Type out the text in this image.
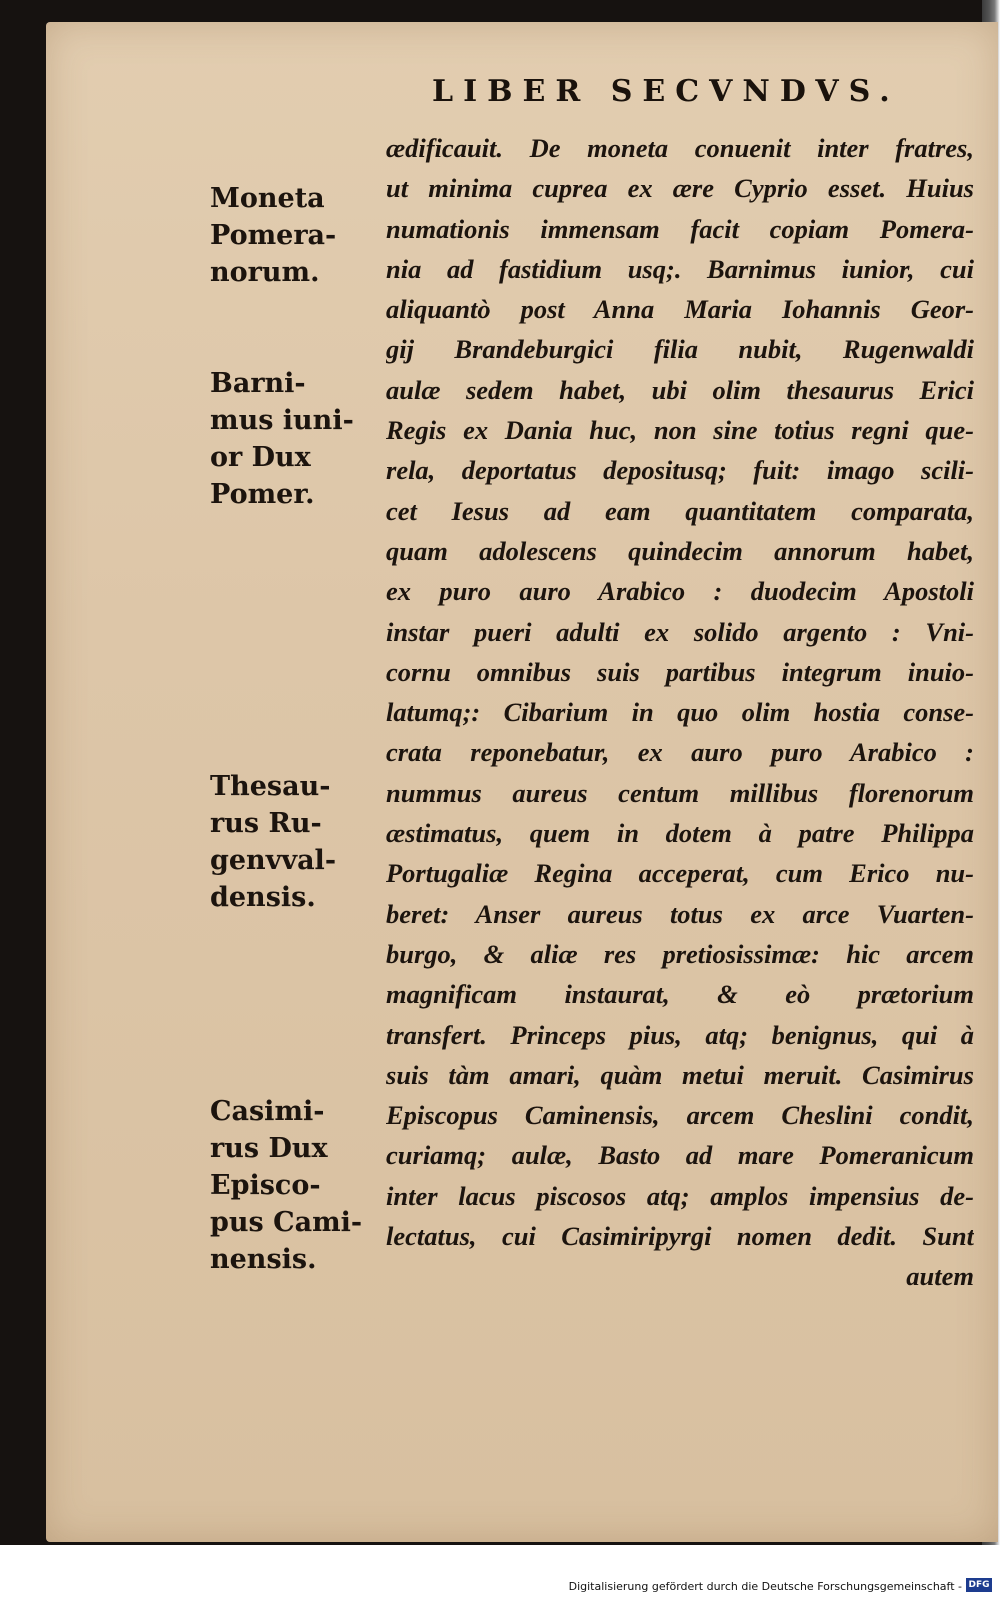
LIBER SECVNDVS.
ædificauit. De moneta conuenit inter fratres,
ut minima cuprea ex ære Cyprio esset. Huius
numationis immensam facit copiam Pomera-
nia ad fastidium usq;. Barnimus iunior, cui
aliquantò post Anna Maria Iohannis Geor-
gij Brandeburgici filia nubit, Rugenwaldi
aulæ sedem habet, ubi olim thesaurus Erici
Regis ex Dania huc, non sine totius regni que-
rela, deportatus depositusq; fuit: imago scili-
cet Iesus ad eam quantitatem comparata,
quam adolescens quindecim annorum habet,
ex puro auro Arabico : duodecim Apostoli
instar pueri adulti ex solido argento : Vni-
cornu omnibus suis partibus integrum inuio-
latumq;: Cibarium in quo olim hostia conse-
crata reponebatur, ex auro puro Arabico :
nummus aureus centum millibus florenorum
æstimatus, quem in dotem à patre Philippa
Portugaliæ Regina acceperat, cum Erico nu-
beret: Anser aureus totus ex arce Vuarten-
burgo, & aliæ res pretiosissimæ: hic arcem
magnificam instaurat, & eò prætorium
transfert. Princeps pius, atq; benignus, qui à
suis tàm amari, quàm metui meruit. Casimirus
Episcopus Caminensis, arcem Cheslini condit,
curiamq; aulæ, Basto ad mare Pomeranicum
inter lacus piscosos atq; amplos impensius de-
lectatus, cui Casimiripyrgi nomen dedit. Sunt
autem
Moneta
Pomera-
norum.
Barni-
mus iuni-
or Dux
Pomer.
Thesau-
rus Ru-
genvval-
densis.
Casimi-
rus Dux
Episco-
pus Cami-
nensis.
Digitalisierung gefördert durch die Deutsche Forschungsgemeinschaft - DFG
